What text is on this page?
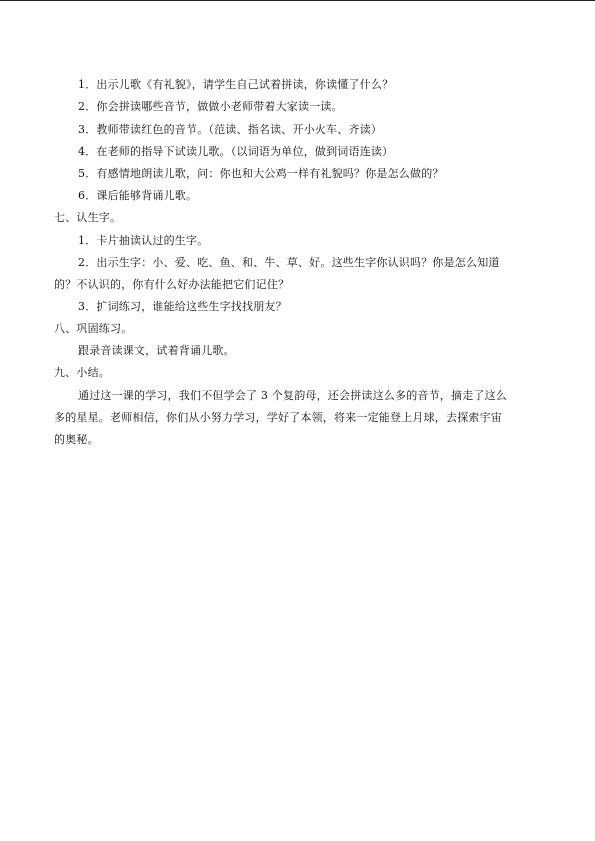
1．出示儿歌《有礼貌》，请学生自己试着拼读，你读懂了什么？
2．你会拼读哪些音节，做做小老师带着大家读一读。
3．教师带读红色的音节。（范读、指名读、开小火车、齐读）
4．在老师的指导下试读儿歌。（以词语为单位，做到词语连读）
5．有感情地朗读儿歌，问：你也和大公鸡一样有礼貌吗？你是怎么做的？
6．课后能够背诵儿歌。
七、认生字。
1．卡片抽读认过的生字。
2．出示生字：小、爱、吃、鱼、和、牛、草、好。这些生字你认识吗？你是怎么知道
的？不认识的，你有什么好办法能把它们记住？
3．扩词练习，谁能给这些生字找找朋友？
八、巩固练习。
跟录音读课文，试着背诵儿歌。
九、小结。
通过这一课的学习，我们不但学会了 3 个复韵母，还会拼读这么多的音节，摘走了这么
多的星星。老师相信，你们从小努力学习，学好了本领，将来一定能登上月球，去探索宇宙
的奥秘。
